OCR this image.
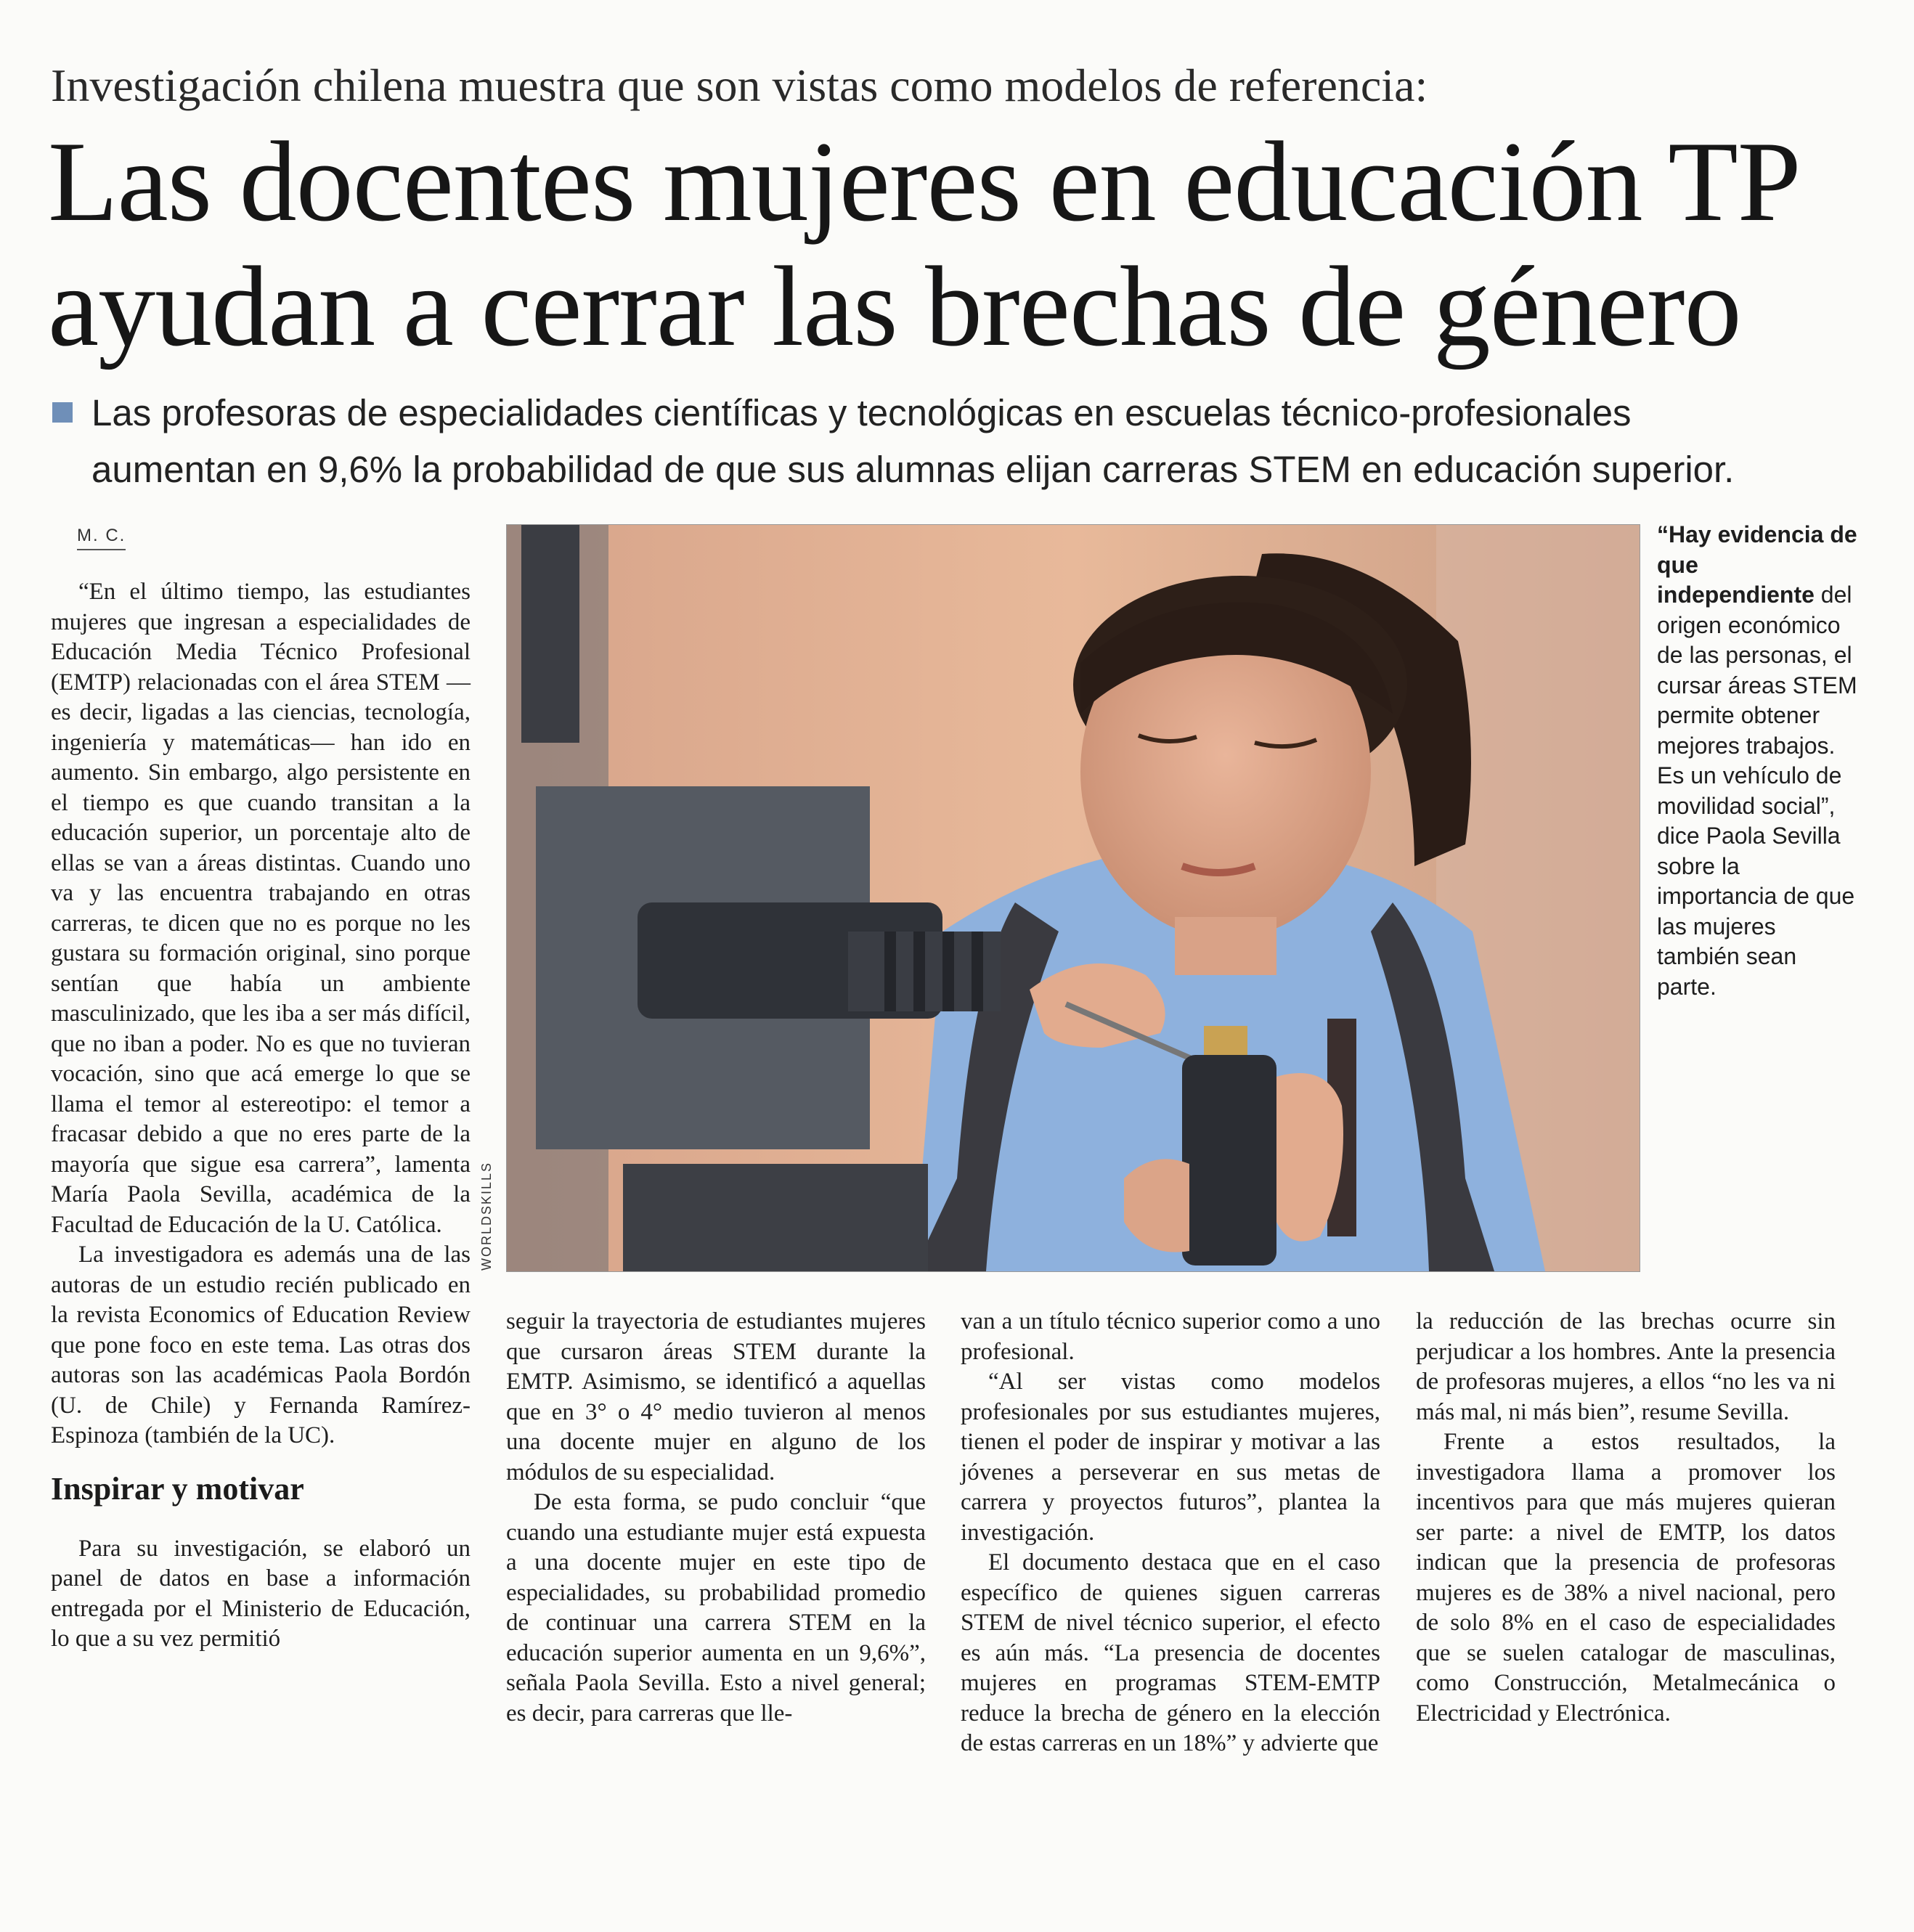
Investigación chilena muestra que son vistas como modelos de referencia:
Las docentes mujeres en educación TP
ayudan a cerrar las brechas de género
Las profesoras de especialidades científicas y tecnológicas en escuelas técnico-profesionales
aumentan en 9,6% la probabilidad de que sus alumnas elijan carreras STEM en educación superior.
M. C.

“En el último tiempo, las estudiantes mujeres que ingresan a especialidades de Educación Media Técnico Profesional (EMTP) relacionadas con el área STEM —es decir, ligadas a las ciencias, tecnología, ingeniería y matemáticas— han ido en aumento. Sin embargo, algo persistente en el tiempo es que cuando transitan a la educación superior, un porcentaje alto de ellas se van a áreas distintas. Cuando uno va y las encuentra trabajando en otras carreras, te dicen que no es porque no les gustara su formación original, sino porque sentían que había un ambiente masculinizado, que les iba a ser más difícil, que no iban a poder. No es que no tuvieran vocación, sino que acá emerge lo que se llama el temor al estereotipo: el temor a fracasar debido a que no eres parte de la mayoría que sigue esa carrera”, lamenta María Paola Sevilla, académica de la Facultad de Educación de la U. Católica.

La investigadora es además una de las autoras de un estudio recién publicado en la revista Economics of Education Review que pone foco en este tema. Las otras dos autoras son las académicas Paola Bordón (U. de Chile) y Fernanda Ramírez-Espinoza (también de la UC).

Inspirar y motivar

Para su investigación, se elaboró un panel de datos en base a información entregada por el Ministerio de Educación, lo que a su vez permitió

WORLDSKILLS
“Hay evidencia de que independiente del origen económico de las personas, el cursar áreas STEM permite obtener mejores trabajos. Es un vehículo de movilidad social”, dice Paola Sevilla sobre la importancia de que las mujeres también sean parte.

seguir la trayectoria de estudiantes mujeres que cursaron áreas STEM durante la EMTP. Asimismo, se identificó a aquellas que en 3° o 4° medio tuvieron al menos una docente mujer en alguno de los módulos de su especialidad.

De esta forma, se pudo concluir “que cuando una estudiante mujer está expuesta a una docente mujer en este tipo de especialidades, su probabilidad promedio de continuar una carrera STEM en la educación superior aumenta en un 9,6%”, señala Paola Sevilla. Esto a nivel general; es decir, para carreras que lle-

van a un título técnico superior como a uno profesional.

“Al ser vistas como modelos profesionales por sus estudiantes mujeres, tienen el poder de inspirar y motivar a las jóvenes a perseverar en sus metas de carrera y proyectos futuros”, plantea la investigación.

El documento destaca que en el caso específico de quienes siguen carreras STEM de nivel técnico superior, el efecto es aún más. “La presencia de docentes mujeres en programas STEM-EMTP reduce la brecha de género en la elección de estas carreras en un 18%” y advierte que

la reducción de las brechas ocurre sin perjudicar a los hombres. Ante la presencia de profesoras mujeres, a ellos “no les va ni más mal, ni más bien”, resume Sevilla.

Frente a estos resultados, la investigadora llama a promover los incentivos para que más mujeres quieran ser parte: a nivel de EMTP, los datos indican que la presencia de profesoras mujeres es de 38% a nivel nacional, pero de solo 8% en el caso de especialidades que se suelen catalogar de masculinas, como Construcción, Metalmecánica o Electricidad y Electrónica.
